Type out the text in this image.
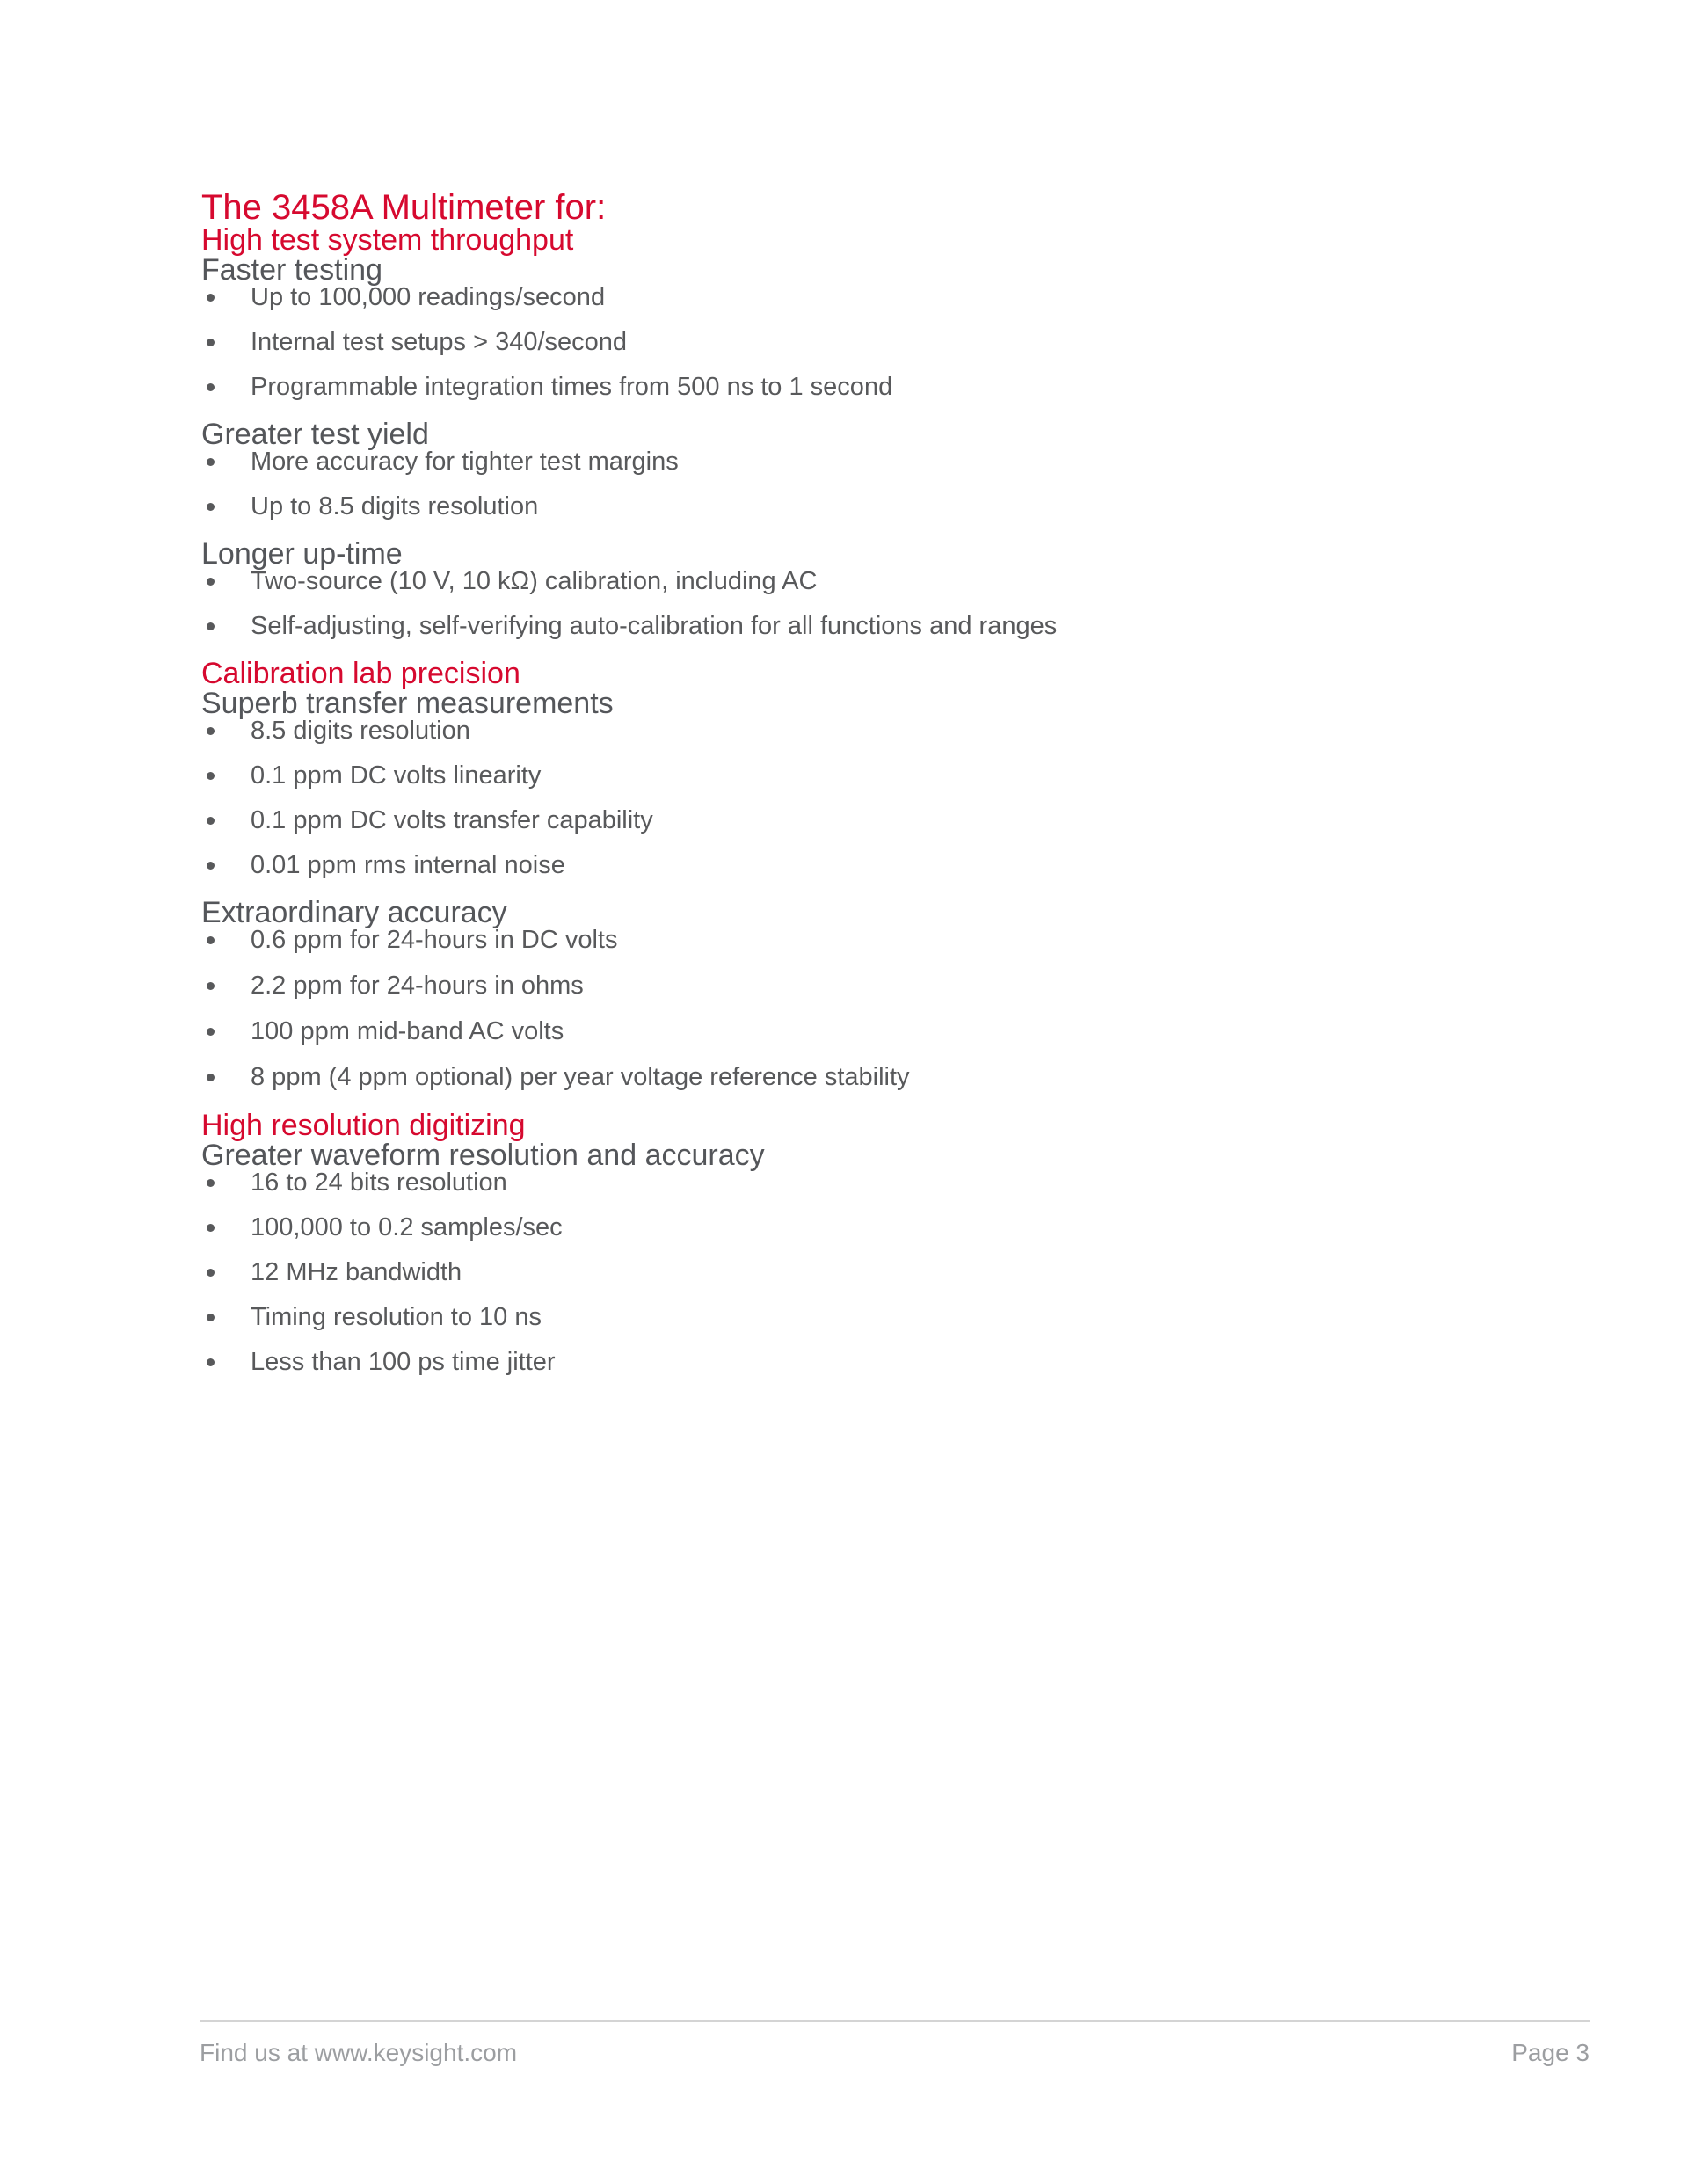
The 3458A Multimeter for:
High test system throughput
Faster testing
Up to 100,000 readings/second
Internal test setups > 340/second
Programmable integration times from 500 ns to 1 second
Greater test yield
More accuracy for tighter test margins
Up to 8.5 digits resolution
Longer up-time
Two-source (10 V, 10 kΩ) calibration, including AC
Self-adjusting, self-verifying auto-calibration for all functions and ranges
Calibration lab precision
Superb transfer measurements
8.5 digits resolution
0.1 ppm DC volts linearity
0.1 ppm DC volts transfer capability
0.01 ppm rms internal noise
Extraordinary accuracy
0.6 ppm for 24-hours in DC volts
2.2 ppm for 24-hours in ohms
100 ppm mid-band AC volts
8 ppm (4 ppm optional) per year voltage reference stability
High resolution digitizing
Greater waveform resolution and accuracy
16 to 24 bits resolution
100,000 to 0.2 samples/sec
12 MHz bandwidth
Timing resolution to 10 ns
Less than 100 ps time jitter
Find us at www.keysight.com	Page 3
